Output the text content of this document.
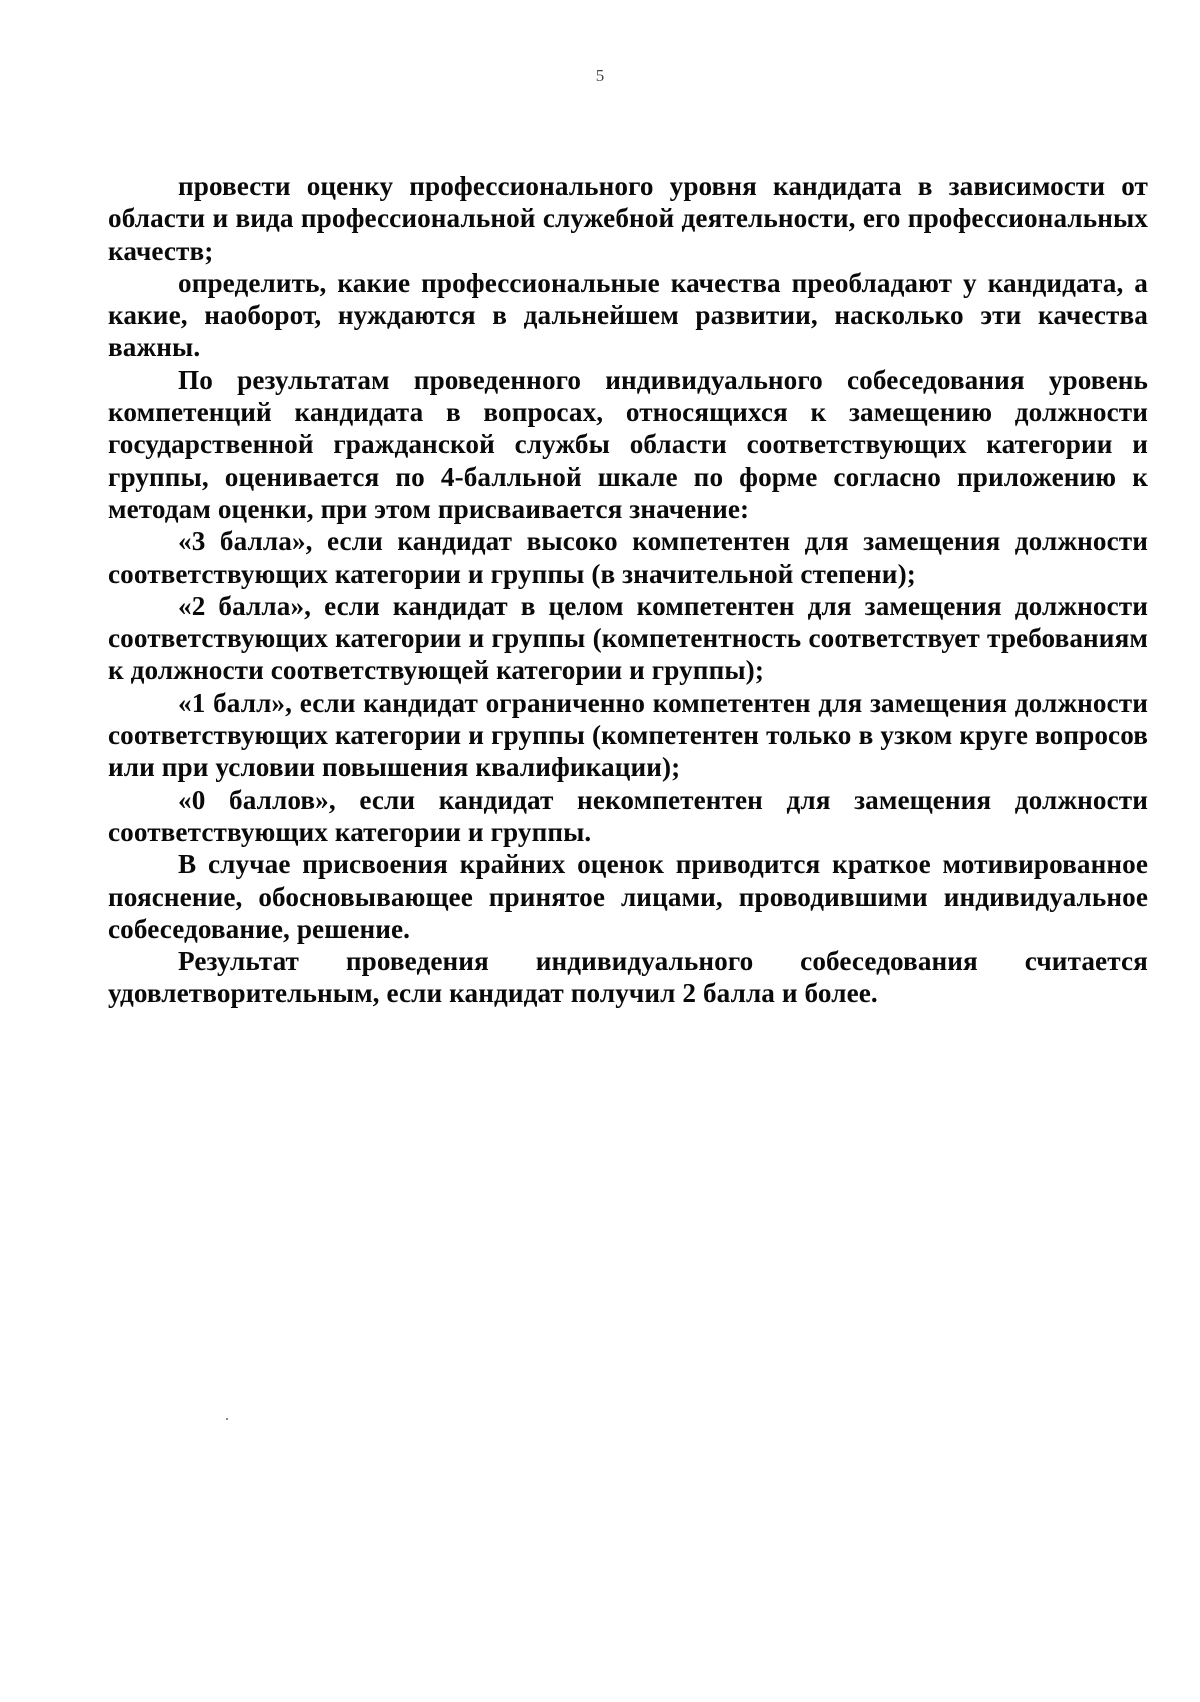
5

провести оценку профессионального уровня кандидата в зависимости от области и вида профессиональной служебной деятельности, его профессиональных качеств;

определить, какие профессиональные качества преобладают у кандидата, а какие, наоборот, нуждаются в дальнейшем развитии, насколько эти качества важны.

По результатам проведенного индивидуального собеседования уровень компетенций кандидата в вопросах, относящихся к замещению должности государственной гражданской службы области соответствующих категории и группы, оценивается по 4-балльной шкале по форме согласно приложению к методам оценки, при этом присваивается значение:

«3 балла», если кандидат высоко компетентен для замещения должности соответствующих категории и группы (в значительной степени);

«2 балла», если кандидат в целом компетентен для замещения должности соответствующих категории и группы (компетентность соответствует требованиям к должности соответствующей категории и группы);

«1 балл», если кандидат ограниченно компетентен для замещения должности соответствующих категории и группы (компетентен только в узком круге вопросов или при условии повышения квалификации);

«0 баллов», если кандидат некомпетентен для замещения должности соответствующих категории и группы.

В случае присвоения крайних оценок приводится краткое мотивированное пояснение, обосновывающее принятое лицами, проводившими индивидуальное собеседование, решение.

Результат проведения индивидуального собеседования считается удовлетворительным, если кандидат получил 2 балла и более.
